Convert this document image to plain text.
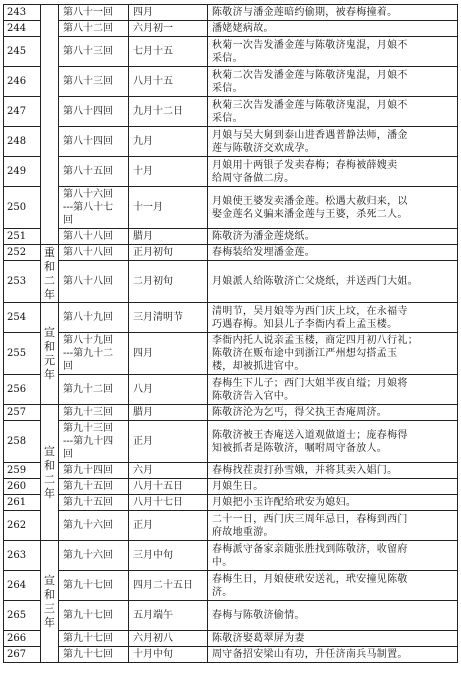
243		第八十一回	四月	陈敬济与潘金莲暗约偷期，被春梅撞着。
244		第八十二回	六月初一	潘姥姥病故。
245		第八十三回	七月十五	秋菊一次告发潘金莲与陈敬济鬼混，月娘不
采信。
246		第八十三回	八月十五	秋菊二次告发潘金莲与陈敬济鬼混，月娘不
采信。
247		第八十四回	九月十二日	秋菊三次告发潘金莲与陈敬济鬼混，月娘不
采信。
248		第八十四回	九月	月娘与吴大舅到泰山进香遇普静法师，潘金
莲与陈敬济交欢成孕。
249		第八十五回	十月	月娘用十两银子发卖春梅；春梅被薛嫂卖
给周守备做二房。
250		第八十六回
---第八十七
回	十一月	月娘使王婆发卖潘金莲。松遇大赦归来，以
娶金莲名义骗来潘金莲与王婆，杀死二人。
251		第八十八回	腊月	陈敬济为潘金莲烧纸。
252	重
和
二
年	第八十八回	正月初旬	春梅装给发埋潘金莲。
253		第八十八回	二月初旬	月娘派人给陈敬济亡父烧纸，并送西门大姐。
254	宣
和
元
年	第八十九回	三月清明节	清明节，吴月娘等为西门庆上坟，在永福寺
巧遇春梅。知县儿子李衙内看上孟玉楼。
255		第八十九回
---第九十二
回	四月	李衙内托人说亲孟玉楼，商定四月初八行礼；
陈敬济在贩布途中到浙江严州想勾搭孟玉
楼，却被抓进官中。
256		第九十二回	八月	春梅生下儿子；西门大姐半夜自缢；月娘将
陈敬济告入官中。
257	宣
和
二
年	第九十三回	腊月	陈敬济沦为乞丐，得父执王杏庵周济。
258		第九十三回
---第九十四
回	正月	陈敬济被王杏庵送入道观做道士；庞春梅得
知被抓者是陈敬济，嘱咐周守备放人。
259		第九十四回	六月	春梅找茬责打孙雪娥，并将其卖入娼门。
260		第九十五回	八月十五日	月娘生日。
261		第九十五回	八月十七日	月娘把小玉许配给玳安为媳妇。
262		第九十六回	正月	二十一日，西门庆三周年忌日，春梅到西门
府故地重游。
263	宣
和
三
年	第九十六回	三月中旬	春梅派守备家亲随张胜找到陈敬济，收留府
中。
264		第九十七回	四月二十五日	春梅生日，月娘使玳安送礼，玳安撞见陈敬
济。
265		第九十七回	五月端午	春梅与陈敬济偷情。
266		第九十七回	六月初八	陈敬济娶葛翠屏为妻
267		第九十七回	十月中旬	周守备招安梁山有功，升任济南兵马制置。
